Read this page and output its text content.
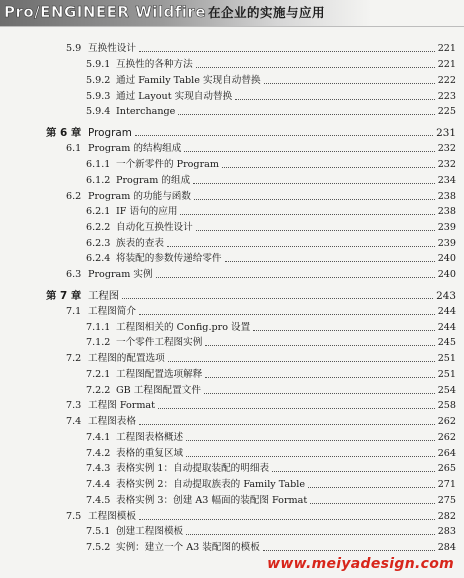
Pro/ENGINEER Wildfire 在企业的实施与应用
5.9 互换性设计	221
5.9.1 互换性的各种方法	221
5.9.2 通过 Family Table 实现自动替换	222
5.9.3 通过 Layout 实现自动替换	223
5.9.4 Interchange	225
第 6 章 Program	231
6.1 Program 的结构组成	232
6.1.1 一个新零件的 Program	232
6.1.2 Program 的组成	234
6.2 Program 的功能与函数	238
6.2.1 IF 语句的应用	238
6.2.2 自动化互换性设计	239
6.2.3 族表的查表	239
6.2.4 将装配的参数传递给零件	240
6.3 Program 实例	240
第 7 章 工程图	243
7.1 工程图简介	244
7.1.1 工程图相关的 Config.pro 设置	244
7.1.2 一个零件工程图实例	245
7.2 工程图的配置选项	251
7.2.1 工程图配置选项解释	251
7.2.2 GB 工程图配置文件	254
7.3 工程图 Format	258
7.4 工程图表格	262
7.4.1 工程图表格概述	262
7.4.2 表格的重复区域	264
7.4.3 表格实例 1：自动提取装配的明细表	265
7.4.4 表格实例 2：自动提取族表的 Family Table	271
7.4.5 表格实例 3：创建 A3 幅面的装配图 Format	275
7.5 工程图模板	282
7.5.1 创建工程图模板	283
7.5.2 实例：建立一个 A3 装配图的模板	284
www.meiyadesign.com
